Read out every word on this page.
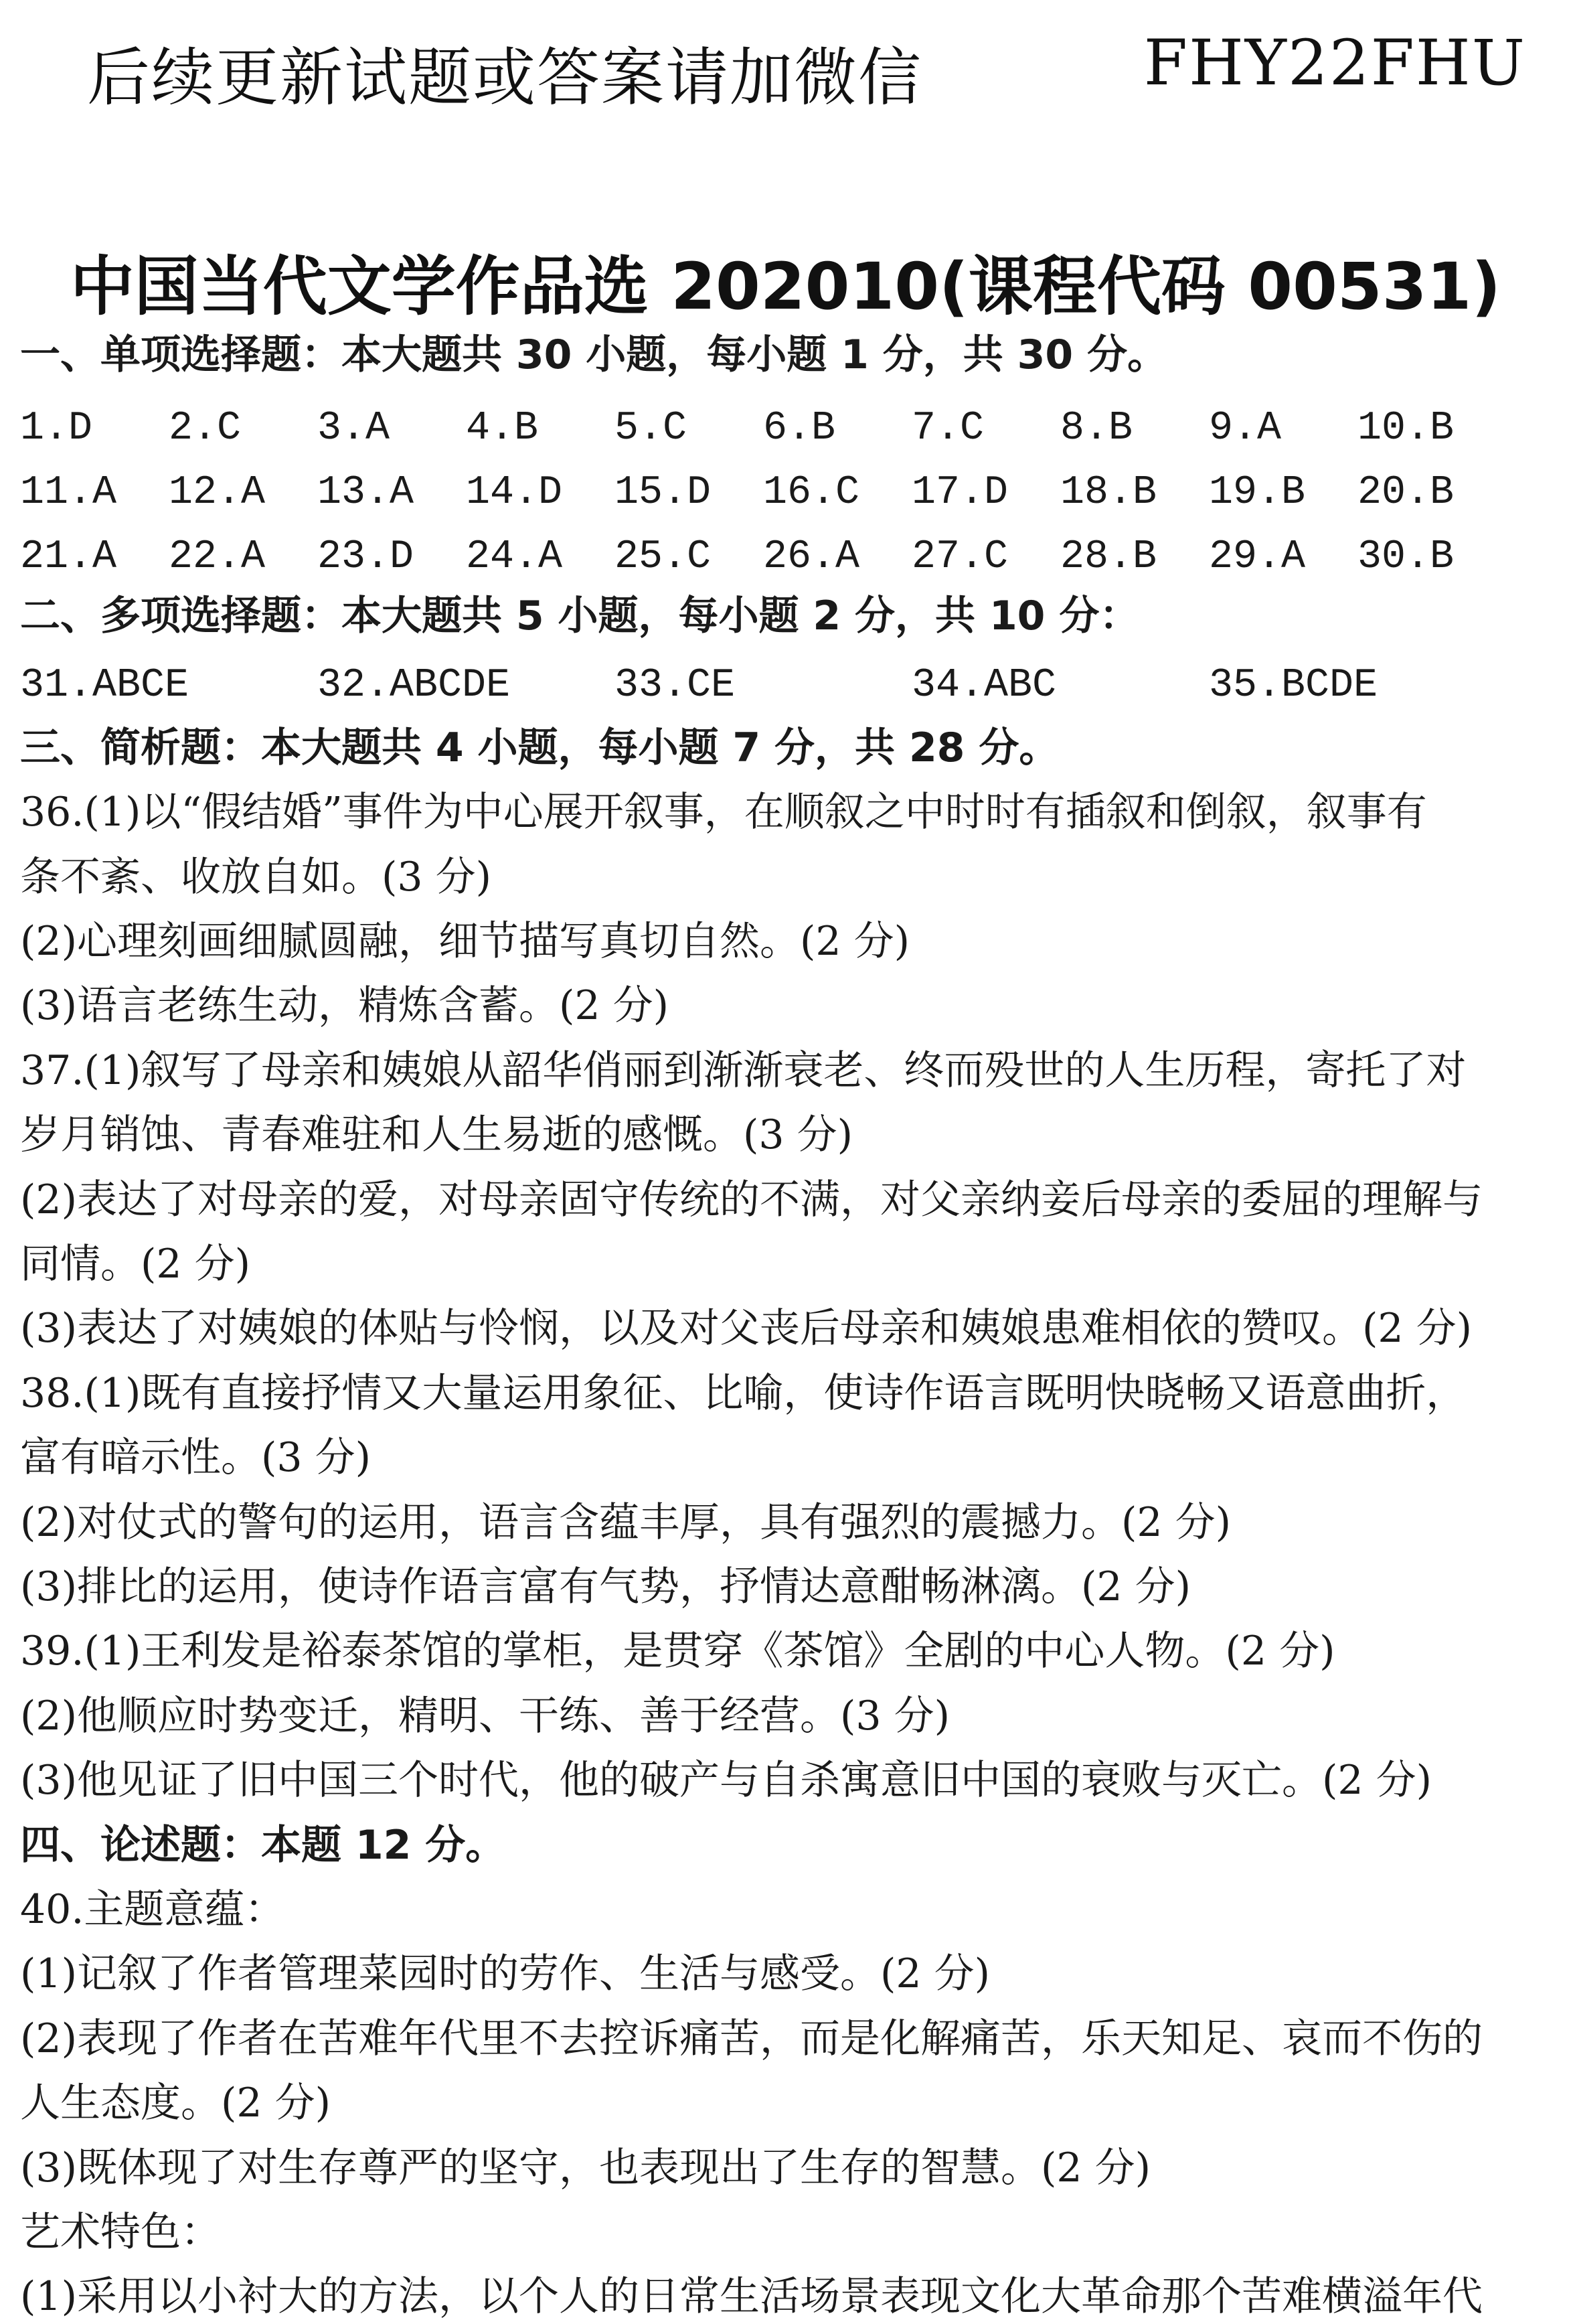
后续更新试题或答案请加微信	FHY22FHU
中国当代文学作品选 202010(课程代码 00531)
一、单项选择题：本大题共 30 小题，每小题 1 分，共 30 分。
1.D	2.C	3.A	4.B	5.C	6.B	7.C	8.B	9.A	10.B
11.A	12.A	13.A	14.D	15.D	16.C	17.D	18.B	19.B	20.B
21.A	22.A	23.D	24.A	25.C	26.A	27.C	28.B	29.A	30.B
二、多项选择题：本大题共 5 小题，每小题 2 分，共 10 分：
31.ABCE	32.ABCDE	33.CE	34.ABC	35.BCDE
三、简析题：本大题共 4 小题，每小题 7 分，共 28 分。
36.(1)以“假结婚”事件为中心展开叙事，在顺叙之中时时有插叙和倒叙，叙事有
条不紊、收放自如。(3 分)
(2)心理刻画细腻圆融，细节描写真切自然。(2 分)
(3)语言老练生动，精炼含蓄。(2 分)
37.(1)叙写了母亲和姨娘从韶华俏丽到渐渐衰老、终而殁世的人生历程，寄托了对
岁月销蚀、青春难驻和人生易逝的感慨。(3 分)
(2)表达了对母亲的爱，对母亲固守传统的不满，对父亲纳妾后母亲的委屈的理解与
同情。(2 分)
(3)表达了对姨娘的体贴与怜悯，以及对父丧后母亲和姨娘患难相依的赞叹。(2 分)
38.(1)既有直接抒情又大量运用象征、比喻，使诗作语言既明快晓畅又语意曲折，
富有暗示性。(3 分)
(2)对仗式的警句的运用，语言含蕴丰厚，具有强烈的震撼力。(2 分)
(3)排比的运用，使诗作语言富有气势，抒情达意酣畅淋漓。(2 分)
39.(1)王利发是裕泰茶馆的掌柜，是贯穿《茶馆》全剧的中心人物。(2 分)
(2)他顺应时势变迁，精明、干练、善于经营。(3 分)
(3)他见证了旧中国三个时代，他的破产与自杀寓意旧中国的衰败与灭亡。(2 分)
四、论述题：本题 12 分。
40.主题意蕴：
(1)记叙了作者管理菜园时的劳作、生活与感受。(2 分)
(2)表现了作者在苦难年代里不去控诉痛苦，而是化解痛苦，乐天知足、哀而不伤的
人生态度。(2 分)
(3)既体现了对生存尊严的坚守，也表现出了生存的智慧。(2 分)
艺术特色：
(1)采用以小衬大的方法，以个人的日常生活场景表现文化大革命那个苦难横溢年代
